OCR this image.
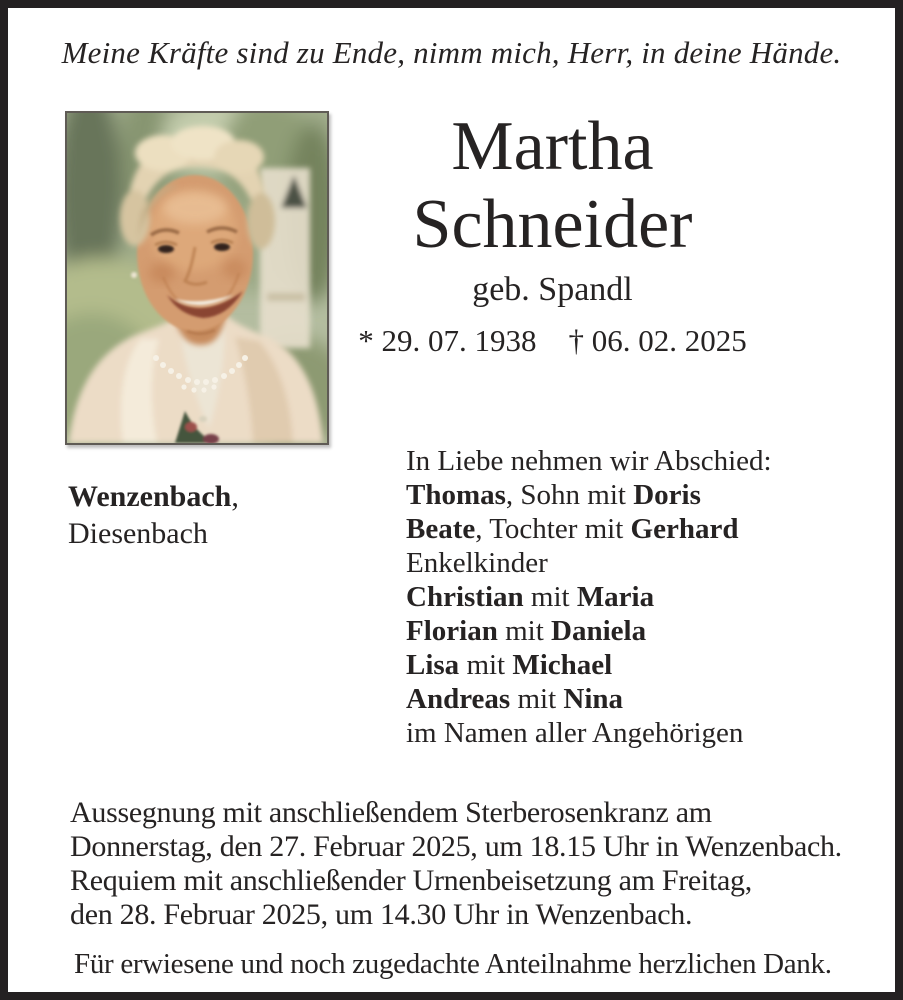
Meine Kräfte sind zu Ende, nimm mich, Herr, in deine Hände.
Martha
Schneider
geb. Spandl
* 29. 07. 1938 † 06. 02. 2025
Wenzenbach,
Diesenbach
In Liebe nehmen wir Abschied:
Thomas, Sohn mit Doris
Beate, Tochter mit Gerhard
Enkelkinder
Christian mit Maria
Florian mit Daniela
Lisa mit Michael
Andreas mit Nina
im Namen aller Angehörigen
Aussegnung mit anschließendem Sterberosenkranz am
Donnerstag, den 27. Februar 2025, um 18.15 Uhr in Wenzenbach.
Requiem mit anschließender Urnenbeisetzung am Freitag,
den 28. Februar 2025, um 14.30 Uhr in Wenzenbach.
Für erwiesene und noch zugedachte Anteilnahme herzlichen Dank.
